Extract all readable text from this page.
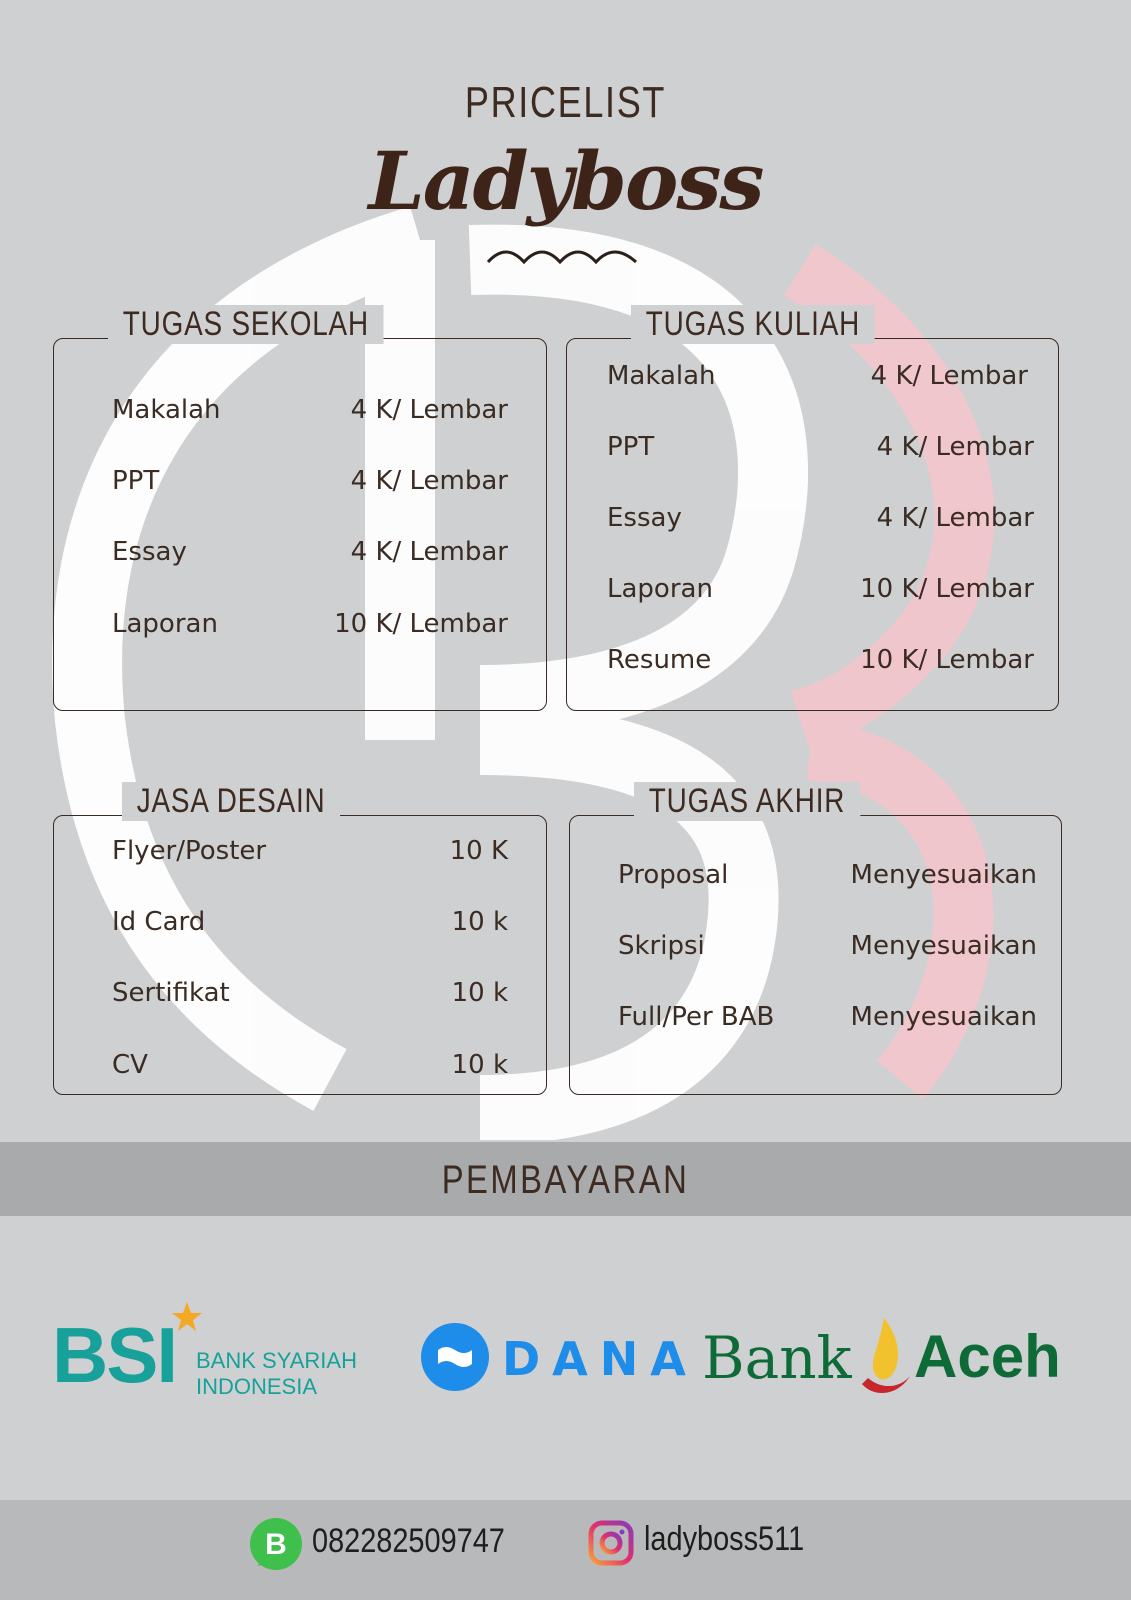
PRICELIST
Ladyboss
TUGAS SEKOLAH
Makalah	4 K/ Lembar
PPT	4 K/ Lembar
Essay	4 K/ Lembar
Laporan	10 K/ Lembar
TUGAS KULIAH
Makalah	4 K/ Lembar
PPT	4 K/ Lembar
Essay	4 K/ Lembar
Laporan	10 K/ Lembar
Resume	10 K/ Lembar
JASA DESAIN
Flyer/Poster	10 K
Id Card	10 k
Sertifikat	10 k
CV	10 k
TUGAS AKHIR
Proposal	Menyesuaikan
Skripsi	Menyesuaikan
Full/Per BAB	Menyesuaikan
PEMBAYARAN
BSI BANK SYARIAH
INDONESIA
DANA Bank Aceh
B 082282509747	ladyboss511
